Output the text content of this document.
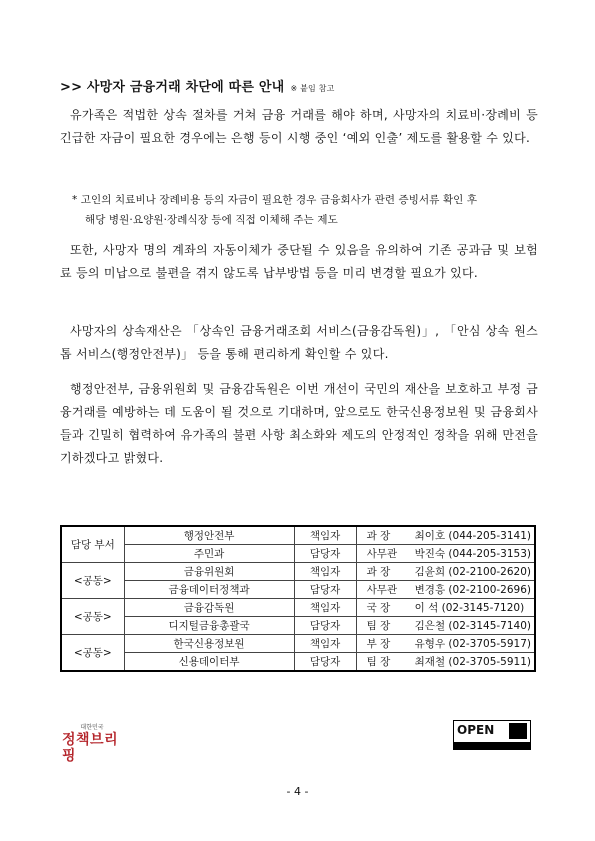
>> 사망자 금융거래 차단에 따른 안내 ※ 붙임 참고
유가족은 적법한 상속 절차를 거쳐 금융 거래를 해야 하며, 사망자의 치료비·장례비 등 긴급한 자금이 필요한 경우에는 은행 등이 시행 중인 ‘예외 인출’ 제도를 활용할 수 있다.
* 고인의 치료비나 장례비용 등의 자금이 필요한 경우 금융회사가 관련 증빙서류 확인 후
해당 병원·요양원·장례식장 등에 직접 이체해 주는 제도
또한, 사망자 명의 계좌의 자동이체가 중단될 수 있음을 유의하여 기존 공과금 및 보험료 등의 미납으로 불편을 겪지 않도록 납부방법 등을 미리 변경할 필요가 있다.
사망자의 상속재산은 「상속인 금융거래조회 서비스(금융감독원)」, 「안심 상속 원스톱 서비스(행정안전부)」 등을 통해 편리하게 확인할 수 있다.
행정안전부, 금융위원회 및 금융감독원은 이번 개선이 국민의 재산을 보호하고 부정 금융거래를 예방하는 데 도움이 될 것으로 기대하며, 앞으로도 한국신용정보원 및 금융회사들과 긴밀히 협력하여 유가족의 불편 사항 최소화와 제도의 안정적인 정착을 위해 만전을 기하겠다고 밝혔다.
담당 부서	행정안전부	책임자	과 장 최이호 (044-205-3141)
	주민과	담당자	사무관 박진숙 (044-205-3153)
<공동>	금융위원회	책임자	과 장 김윤희 (02-2100-2620)
	금융데이터정책과	담당자	사무관 변경흥 (02-2100-2696)
<공동>	금융감독원	책임자	국 장 이 석 (02-3145-7120)
	디지털금융총괄국	담당자	팀 장 김은철 (02-3145-7140)
<공동>	한국신용정보원	책임자	부 장 유형우 (02-3705-5917)
	신용데이터부	담당자	팀 장 최재철 (02-3705-5911)
대한민국
정책브리핑
OPEN
- 4 -
